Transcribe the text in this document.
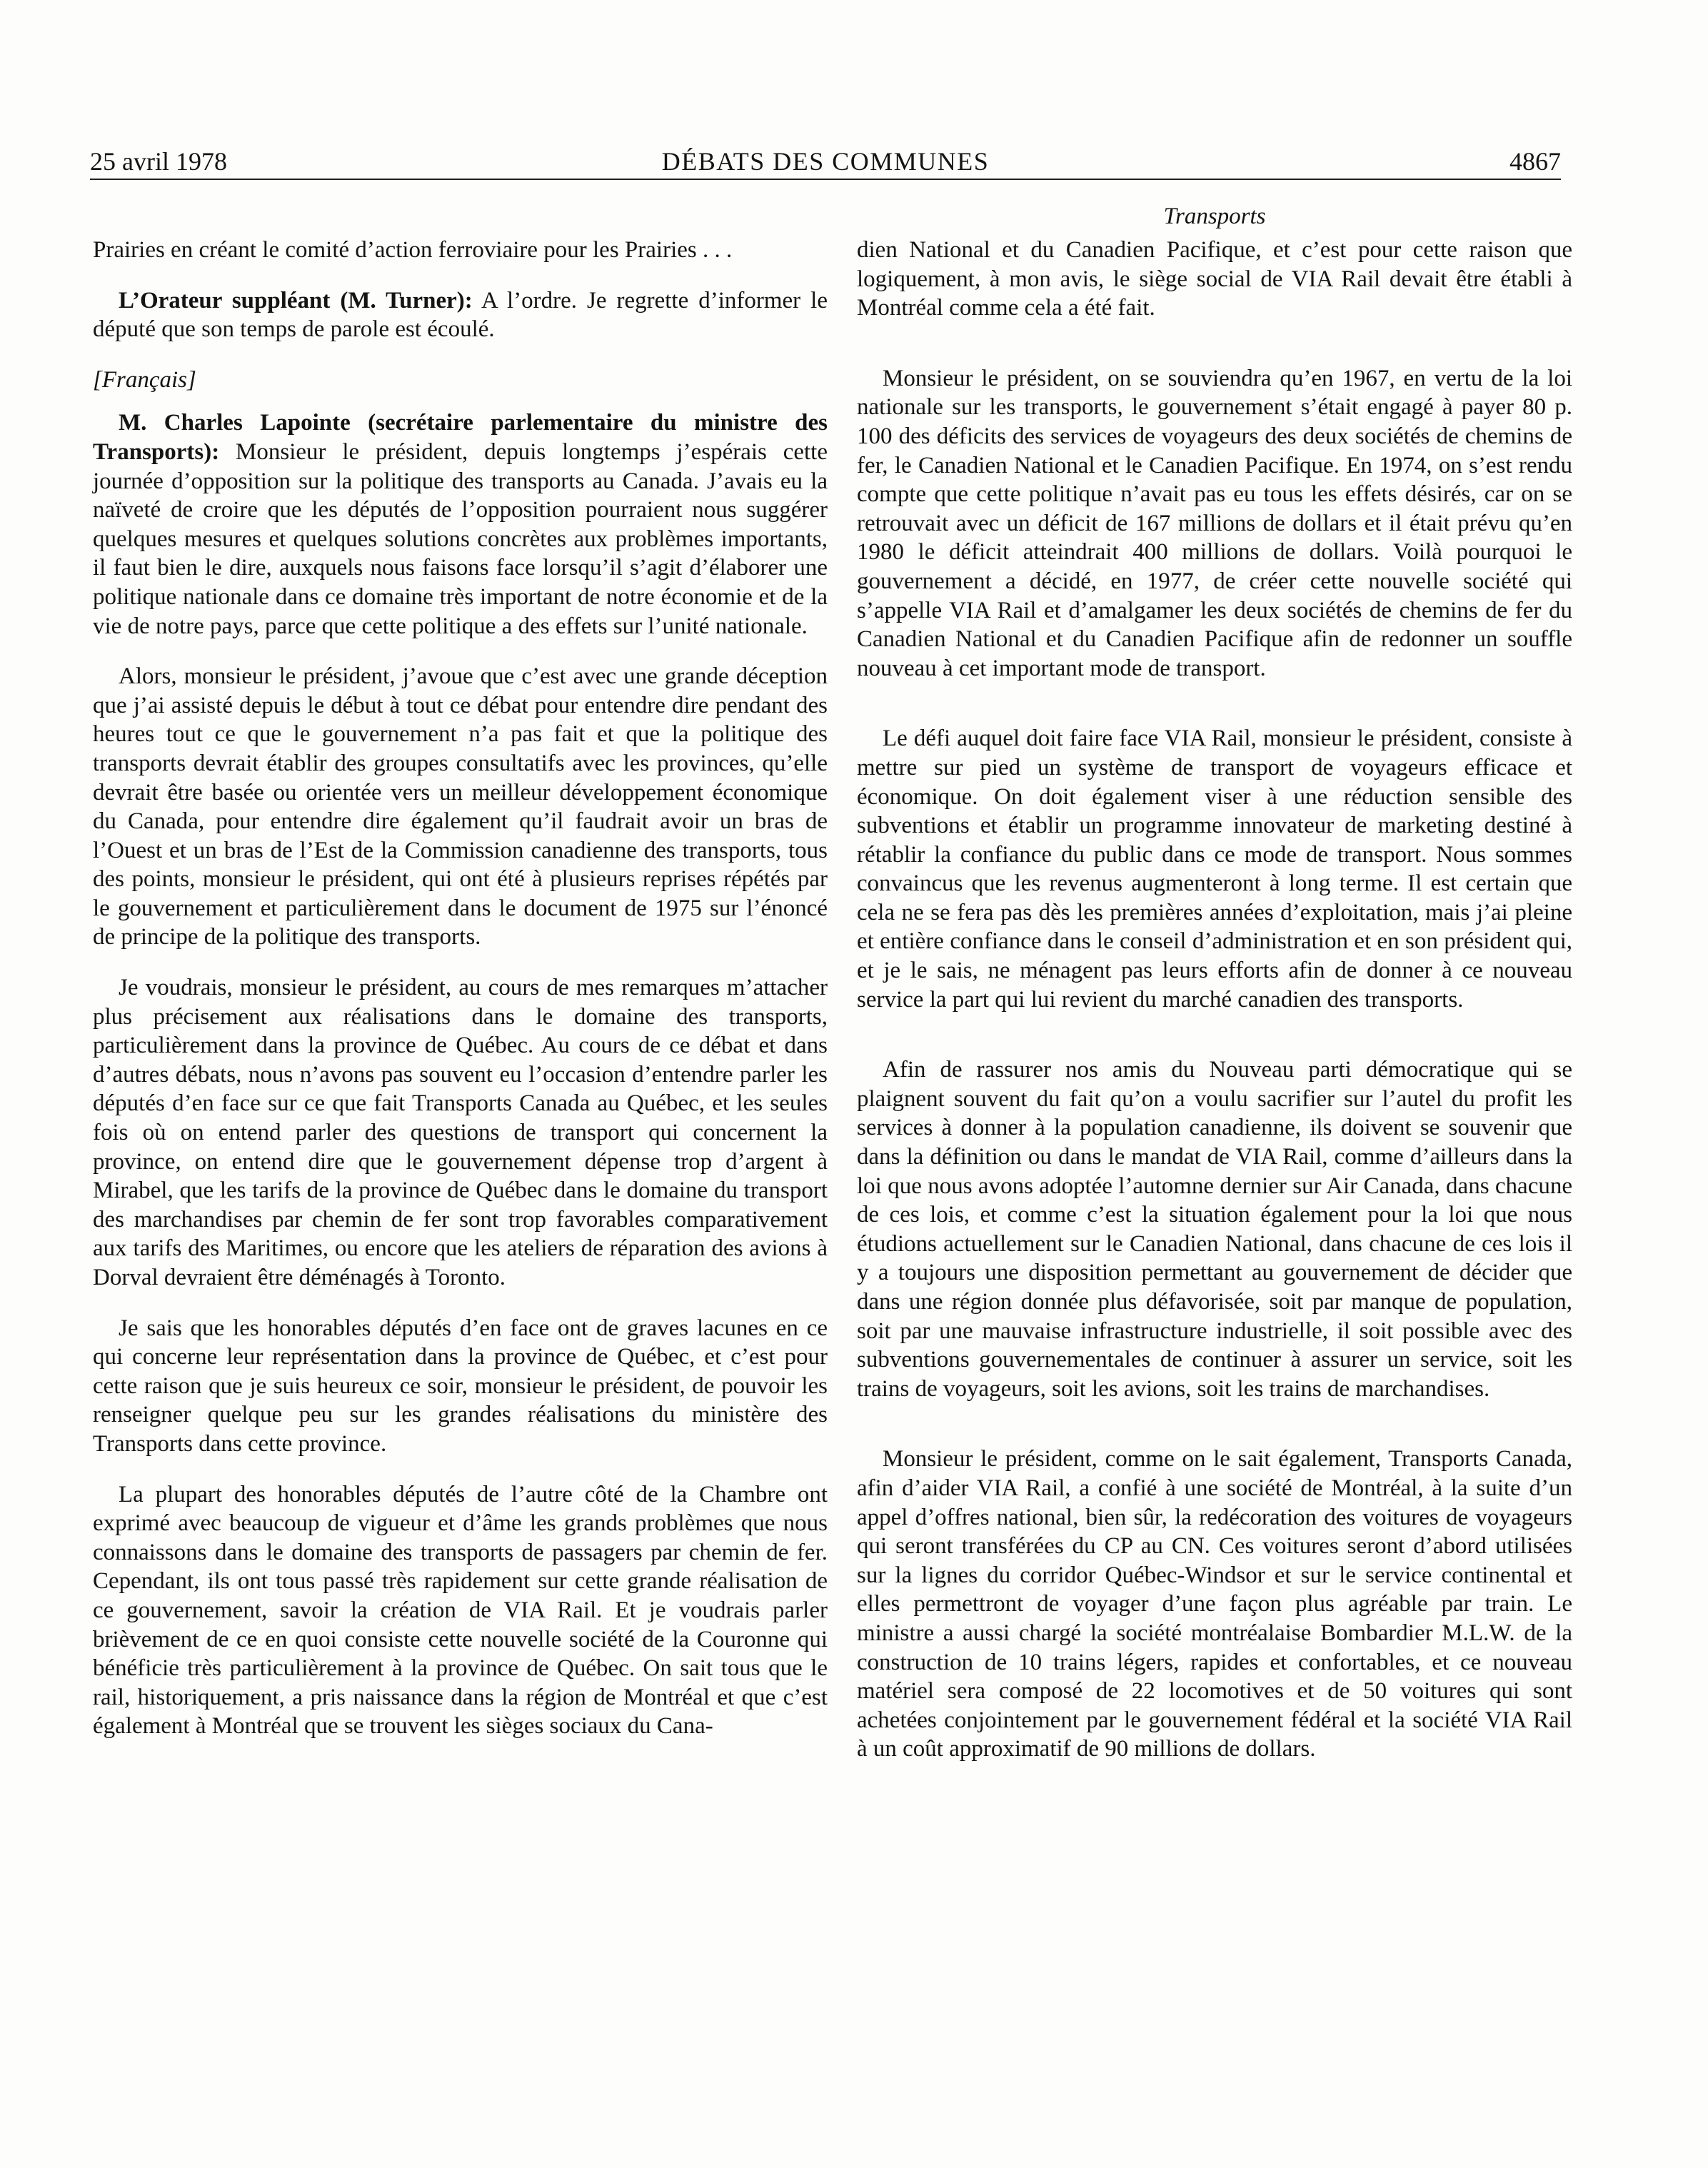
25 avril 1978	DÉBATS DES COMMUNES	4867
Transports

Prairies en créant le comité d’action ferroviaire pour les Prairies . . .

L’Orateur suppléant (M. Turner): A l’ordre. Je regrette d’informer le député que son temps de parole est écoulé.

[Français]

M. Charles Lapointe (secrétaire parlementaire du ministre des Transports): Monsieur le président, depuis longtemps j’espérais cette journée d’opposition sur la politique des transports au Canada. J’avais eu la naïveté de croire que les députés de l’opposition pourraient nous suggérer quelques mesures et quelques solutions concrètes aux problèmes importants, il faut bien le dire, auxquels nous faisons face lorsqu’il s’agit d’élaborer une politique nationale dans ce domaine très important de notre économie et de la vie de notre pays, parce que cette politique a des effets sur l’unité nationale.

Alors, monsieur le président, j’avoue que c’est avec une grande déception que j’ai assisté depuis le début à tout ce débat pour entendre dire pendant des heures tout ce que le gouvernement n’a pas fait et que la politique des transports devrait établir des groupes consultatifs avec les provinces, qu’elle devrait être basée ou orientée vers un meilleur développement économique du Canada, pour entendre dire également qu’il faudrait avoir un bras de l’Ouest et un bras de l’Est de la Commission canadienne des transports, tous des points, monsieur le président, qui ont été à plusieurs reprises répétés par le gouvernement et particulièrement dans le document de 1975 sur l’énoncé de principe de la politique des transports.

Je voudrais, monsieur le président, au cours de mes remarques m’attacher plus précisement aux réalisations dans le domaine des transports, particulièrement dans la province de Québec. Au cours de ce débat et dans d’autres débats, nous n’avons pas souvent eu l’occasion d’entendre parler les députés d’en face sur ce que fait Transports Canada au Québec, et les seules fois où on entend parler des questions de transport qui concernent la province, on entend dire que le gouvernement dépense trop d’argent à Mirabel, que les tarifs de la province de Québec dans le domaine du transport des marchandises par chemin de fer sont trop favorables comparativement aux tarifs des Maritimes, ou encore que les ateliers de réparation des avions à Dorval devraient être déménagés à Toronto.

Je sais que les honorables députés d’en face ont de graves lacunes en ce qui concerne leur représentation dans la province de Québec, et c’est pour cette raison que je suis heureux ce soir, monsieur le président, de pouvoir les renseigner quelque peu sur les grandes réalisations du ministère des Transports dans cette province.

La plupart des honorables députés de l’autre côté de la Chambre ont exprimé avec beaucoup de vigueur et d’âme les grands problèmes que nous connaissons dans le domaine des transports de passagers par chemin de fer. Cependant, ils ont tous passé très rapidement sur cette grande réalisation de ce gouvernement, savoir la création de VIA Rail. Et je voudrais parler brièvement de ce en quoi consiste cette nouvelle société de la Couronne qui bénéficie très particulièrement à la province de Québec. On sait tous que le rail, historiquement, a pris naissance dans la région de Montréal et que c’est également à Montréal que se trouvent les sièges sociaux du Cana-

dien National et du Canadien Pacifique, et c’est pour cette raison que logiquement, à mon avis, le siège social de VIA Rail devait être établi à Montréal comme cela a été fait.

Monsieur le président, on se souviendra qu’en 1967, en vertu de la loi nationale sur les transports, le gouvernement s’était engagé à payer 80 p. 100 des déficits des services de voyageurs des deux sociétés de chemins de fer, le Canadien National et le Canadien Pacifique. En 1974, on s’est rendu compte que cette politique n’avait pas eu tous les effets désirés, car on se retrouvait avec un déficit de 167 millions de dollars et il était prévu qu’en 1980 le déficit atteindrait 400 millions de dollars. Voilà pourquoi le gouvernement a décidé, en 1977, de créer cette nouvelle société qui s’appelle VIA Rail et d’amalgamer les deux sociétés de chemins de fer du Canadien National et du Canadien Pacifique afin de redonner un souffle nouveau à cet important mode de transport.

Le défi auquel doit faire face VIA Rail, monsieur le président, consiste à mettre sur pied un système de transport de voyageurs efficace et économique. On doit également viser à une réduction sensible des subventions et établir un programme innovateur de marketing destiné à rétablir la confiance du public dans ce mode de transport. Nous sommes convaincus que les revenus augmenteront à long terme. Il est certain que cela ne se fera pas dès les premières années d’exploitation, mais j’ai pleine et entière confiance dans le conseil d’administration et en son président qui, et je le sais, ne ménagent pas leurs efforts afin de donner à ce nouveau service la part qui lui revient du marché canadien des transports.

Afin de rassurer nos amis du Nouveau parti démocratique qui se plaignent souvent du fait qu’on a voulu sacrifier sur l’autel du profit les services à donner à la population canadienne, ils doivent se souvenir que dans la définition ou dans le mandat de VIA Rail, comme d’ailleurs dans la loi que nous avons adoptée l’automne dernier sur Air Canada, dans chacune de ces lois, et comme c’est la situation également pour la loi que nous étudions actuellement sur le Canadien National, dans chacune de ces lois il y a toujours une disposition permettant au gouvernement de décider que dans une région donnée plus défavorisée, soit par manque de population, soit par une mauvaise infrastructure industrielle, il soit possible avec des subventions gouvernementales de continuer à assurer un service, soit les trains de voyageurs, soit les avions, soit les trains de marchandises.

Monsieur le président, comme on le sait également, Transports Canada, afin d’aider VIA Rail, a confié à une société de Montréal, à la suite d’un appel d’offres national, bien sûr, la redécoration des voitures de voyageurs qui seront transférées du CP au CN. Ces voitures seront d’abord utilisées sur la lignes du corridor Québec-Windsor et sur le service continental et elles permettront de voyager d’une façon plus agréable par train. Le ministre a aussi chargé la société montréalaise Bombardier M.L.W. de la construction de 10 trains légers, rapides et confortables, et ce nouveau matériel sera composé de 22 locomotives et de 50 voitures qui sont achetées conjointement par le gouvernement fédéral et la société VIA Rail à un coût approximatif de 90 millions de dollars.
